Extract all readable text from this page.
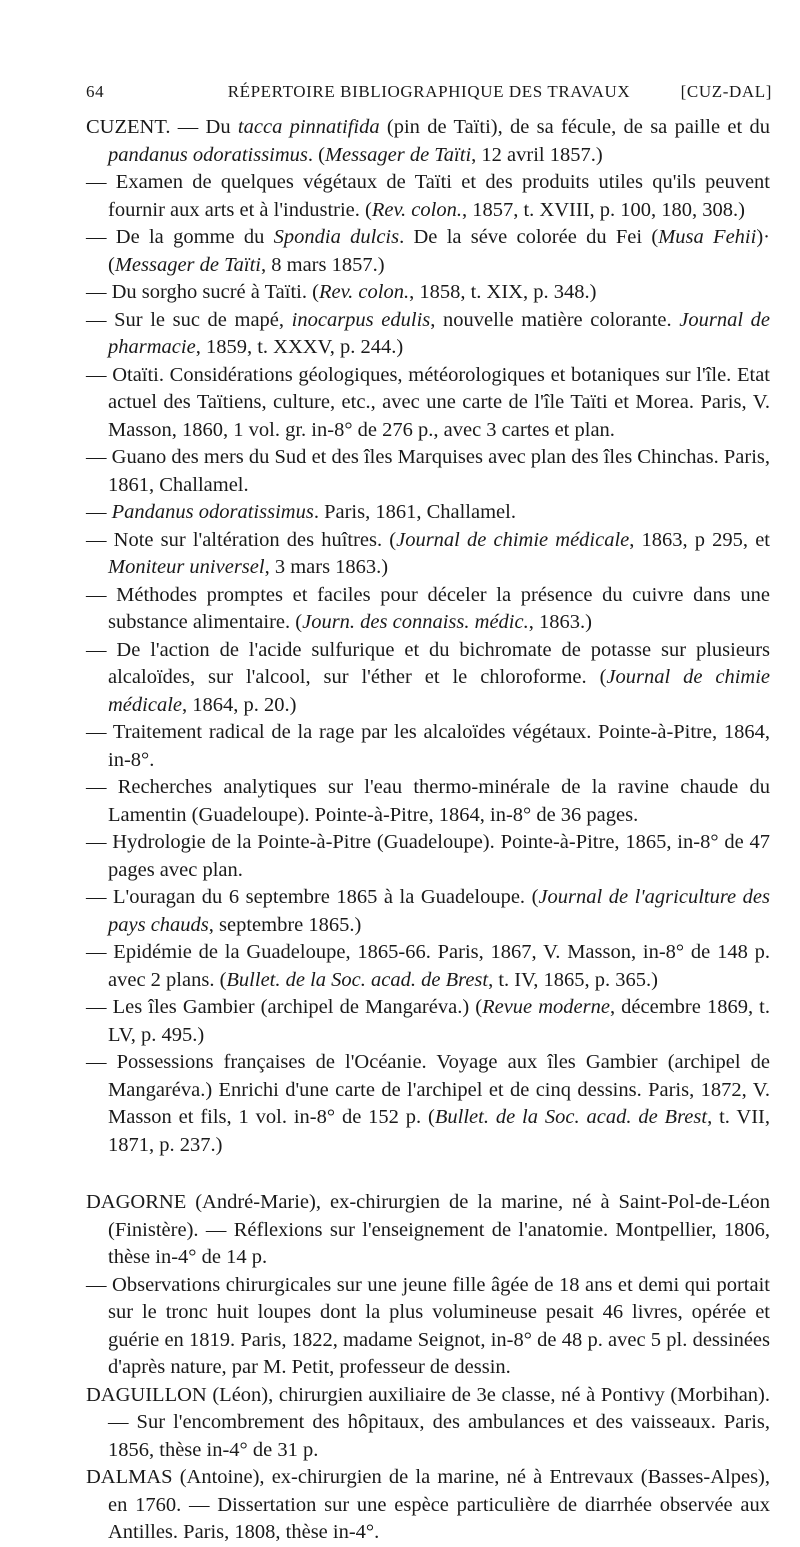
64	RÉPERTOIRE BIBLIOGRAPHIQUE DES TRAVAUX	[CUZ-DAL]

CUZENT. — Du tacca pinnatifida (pin de Taïti), de sa fécule, de sa paille et du pandanus odoratissimus. (Messager de Taïti, 12 avril 1857.)

— Examen de quelques végétaux de Taïti et des produits utiles qu'ils peuvent fournir aux arts et à l'industrie. (Rev. colon., 1857, t. XVIII, p. 100, 180, 308.)

— De la gomme du Spondia dulcis. De la séve colorée du Fei (Musa Fehii)· (Messager de Taïti, 8 mars 1857.)

— Du sorgho sucré à Taïti. (Rev. colon., 1858, t. XIX, p. 348.)

— Sur le suc de mapé, inocarpus edulis, nouvelle matière colorante. Journal de pharmacie, 1859, t. XXXV, p. 244.)

— Otaïti. Considérations géologiques, météorologiques et botaniques sur l'île. Etat actuel des Taïtiens, culture, etc., avec une carte de l'île Taïti et Morea. Paris, V. Masson, 1860, 1 vol. gr. in-8° de 276 p., avec 3 cartes et plan.

— Guano des mers du Sud et des îles Marquises avec plan des îles Chinchas. Paris, 1861, Challamel.

— Pandanus odoratissimus. Paris, 1861, Challamel.

— Note sur l'altération des huîtres. (Journal de chimie médicale, 1863, p 295, et Moniteur universel, 3 mars 1863.)

— Méthodes promptes et faciles pour déceler la présence du cuivre dans une substance alimentaire. (Journ. des connaiss. médic., 1863.)

— De l'action de l'acide sulfurique et du bichromate de potasse sur plusieurs alcaloïdes, sur l'alcool, sur l'éther et le chloroforme. (Journal de chimie médicale, 1864, p. 20.)

— Traitement radical de la rage par les alcaloïdes végétaux. Pointe-à-Pitre, 1864, in-8°.

— Recherches analytiques sur l'eau thermo-minérale de la ravine chaude du Lamentin (Guadeloupe). Pointe-à-Pitre, 1864, in-8° de 36 pages.

— Hydrologie de la Pointe-à-Pitre (Guadeloupe). Pointe-à-Pitre, 1865, in-8° de 47 pages avec plan.

— L'ouragan du 6 septembre 1865 à la Guadeloupe. (Journal de l'agriculture des pays chauds, septembre 1865.)

— Epidémie de la Guadeloupe, 1865-66. Paris, 1867, V. Masson, in-8° de 148 p. avec 2 plans. (Bullet. de la Soc. acad. de Brest, t. IV, 1865, p. 365.)

— Les îles Gambier (archipel de Mangaréva.) (Revue moderne, décembre 1869, t. LV, p. 495.)

— Possessions françaises de l'Océanie. Voyage aux îles Gambier (archipel de Mangaréva.) Enrichi d'une carte de l'archipel et de cinq dessins. Paris, 1872, V. Masson et fils, 1 vol. in-8° de 152 p. (Bullet. de la Soc. acad. de Brest, t. VII, 1871, p. 237.)

DAGORNE (André-Marie), ex-chirurgien de la marine, né à Saint-Pol-de-Léon (Finistère). — Réflexions sur l'enseignement de l'anatomie. Montpellier, 1806, thèse in-4° de 14 p.

— Observations chirurgicales sur une jeune fille âgée de 18 ans et demi qui portait sur le tronc huit loupes dont la plus volumineuse pesait 46 livres, opérée et guérie en 1819. Paris, 1822, madame Seignot, in-8° de 48 p. avec 5 pl. dessinées d'après nature, par M. Petit, professeur de dessin.

DAGUILLON (Léon), chirurgien auxiliaire de 3e classe, né à Pontivy (Morbihan). — Sur l'encombrement des hôpitaux, des ambulances et des vaisseaux. Paris, 1856, thèse in-4° de 31 p.

DALMAS (Antoine), ex-chirurgien de la marine, né à Entrevaux (Basses-Alpes), en 1760. — Dissertation sur une espèce particulière de diarrhée observée aux Antilles. Paris, 1808, thèse in-4°.
